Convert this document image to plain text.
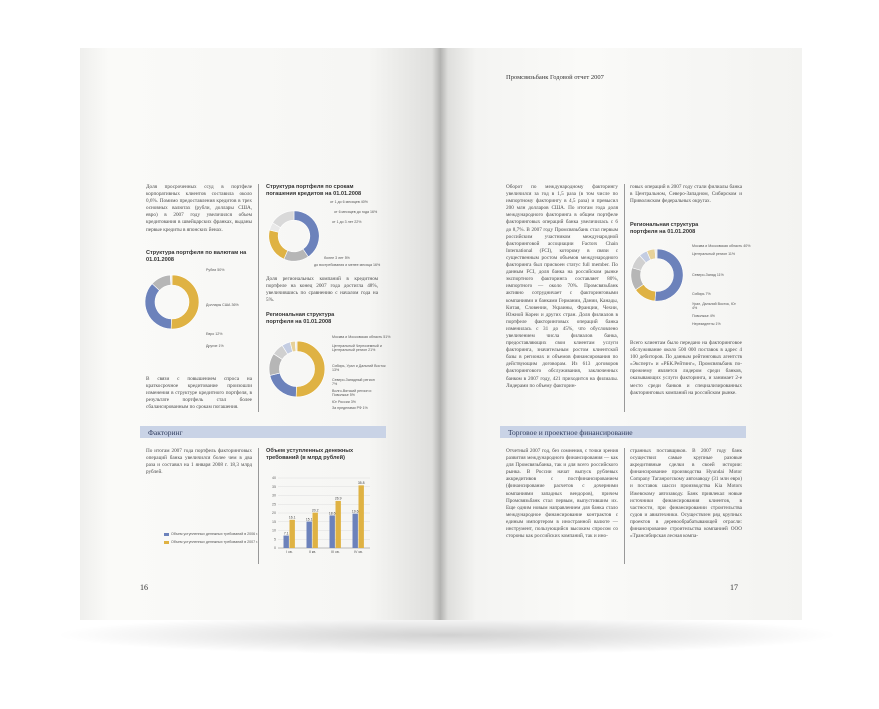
Доля просроченных ссуд в портфеле корпоративных клиентов составила около 0,6%. Помимо предоставления кредитов в трех основных валютах (рубли, доллары США, евро) в 2007 году увеличился объем кредитования в швейцарских франках, выданы первые кредиты в японских йенах.
Структура портфеля по валютам на 01.01.2008
Рубли 50%
Доллары США 36%
Евро 12%
Другие 1%
В связи с повышением спроса на краткосрочное кредитование произошли изменения в структуре кредитного портфеля, в результате портфель стал более сбалансированным по срокам погашения.
Структура портфеля по срокам погашения кредитов на 01.01.2008
от 1 до 6 месяцев 40%
от 6 месяцев до года 16%
от 1 до 3 лет 22%
более 3 лет 5%
до востребования и менее месяца 16%
Доля региональных компаний в кредитном портфеле на конец 2007 года достигла 48%, увеличившись по сравнению с началом года на 5%.
Региональная структура портфеля на 01.01.2008
Москва и Московская область 51%
Центральный Черноземный и Центральный регион 21%
Сибирь, Урал и Дальний Восток 13%
Северо-Западный регион 7%
Волго-Вятский регион и Поволжье 5%
Юг России 3%
За пределами РФ 1%
Факторинг
По итогам 2007 года портфель факторинговых операций банка увеличился более чем в два раза и составил на 1 января 2008 г. 18,3 млрд рублей.
Объем уступленных денежных требований (в млрд рублей)
0
5
10
15
20
25
30
35
40
7.1
16.1
I кв.
15.1
20.2
II кв.
18.6
26.9
III кв.
19.6
35.8
IV кв.
Объем уступленных денежных требований в 2006 г.
Объем уступленных денежных требований в 2007 г.
16
Промсвязьбанк Годовой отчет 2007
Оборот по международному факторингу увеличился за год в 1,5 раза (в том числе по импортному факторингу в 4,5 раза) и превысил 200 млн долларов США. По итогам года доля международного факторинга в общем портфеле факторинговых операций банка увеличилась с 6 до 8,7%. В 2007 году Промсвязьбанк стал первым российским участником международной факторинговой ассоциации Factors Chain International (FCI), которому в связи с существенным ростом объемов международного факторинга был присвоен статус full member. По данным FCI, доля банка на российском рынке экспортного факторинга составляет 80%, импортного — около 70%. Промсвязьбанк активно сотрудничает с факторинговыми компаниями и банками Германии, Дании, Канады, Китая, Словении, Украины, Франции, Чехии, Южной Кореи и других стран. Доля филиалов в портфеле факторинговых операций банка изменилась с 31 до 45%, что обусловлено увеличением числа филиалов банка, предоставляющих свои клиентам услуги факторинга, значительным ростом клиентской базы в регионах и объемов финансирования по действующим договорам. Из 613 договоров факторингового обслуживания, заключенных банком в 2007 году, 421 приходится на филиалы. Лидерами по объему факторин-
говых операций в 2007 году стали филиалы банка в Центральном, Северо-Западном, Сибирском и Приволжском федеральных округах.
Региональная структура портфеля на 01.01.2008
Москва и Московская область 40%
Центральный регион 11%
Северо-Запад 11%
Сибирь 7%
Урал, Дальний Восток, Юг 4%
Поволжье 4%
Нерезиденты 1%
Всего клиентам было передано на факторинговое обслуживание около 500 000 поставок в адрес 4 100 дебиторов. По данным рейтинговых агентств «Эксперт» и «РБК.Рейтинг», Промсвязьбанк по-прежнему является лидером среди банков, оказывающих услуги факторинга, и занимает 2-е место среди банков и специализированных факторинговых компаний на российском рынке.
Торговое и проектное финансирование
Отчетный 2007 год, без сомнения, с точки зрения развития международного финансирования — как для Промсвязьбанка, так и для всего российского рынка. В России начат выпуск рублевых аккредитивов с постфинансированием (финансирование расчетов с дочерними компаниями западных вендоров), причем Промсвязьбанк стал первым, выпустившим их. Еще одним новым направлением для банка стало международное финансирование контрактов с единым импортером в иностранной валюте — инструмент, пользующийся высоким спросом со стороны как российских компаний, так и ино-
странных поставщиков. В 2007 году банк осуществил самые крупные разовые акредитивные сделки в своей истории: финансирование производства Hyundai Motor Company Таганрогскому автозаводу (31 млн евро) и поставок шасси производства Kia Motors Ижевскому автозаводу. Банк привлекал новые источники финансирования клиентов, в частности, при финансировании строительства судов и авиатехники. Осуществлен ряд крупных проектов в деревообрабатывающей отрасли: финансирование строительства компанией ООО «Трансибирская лесная компа-
17
